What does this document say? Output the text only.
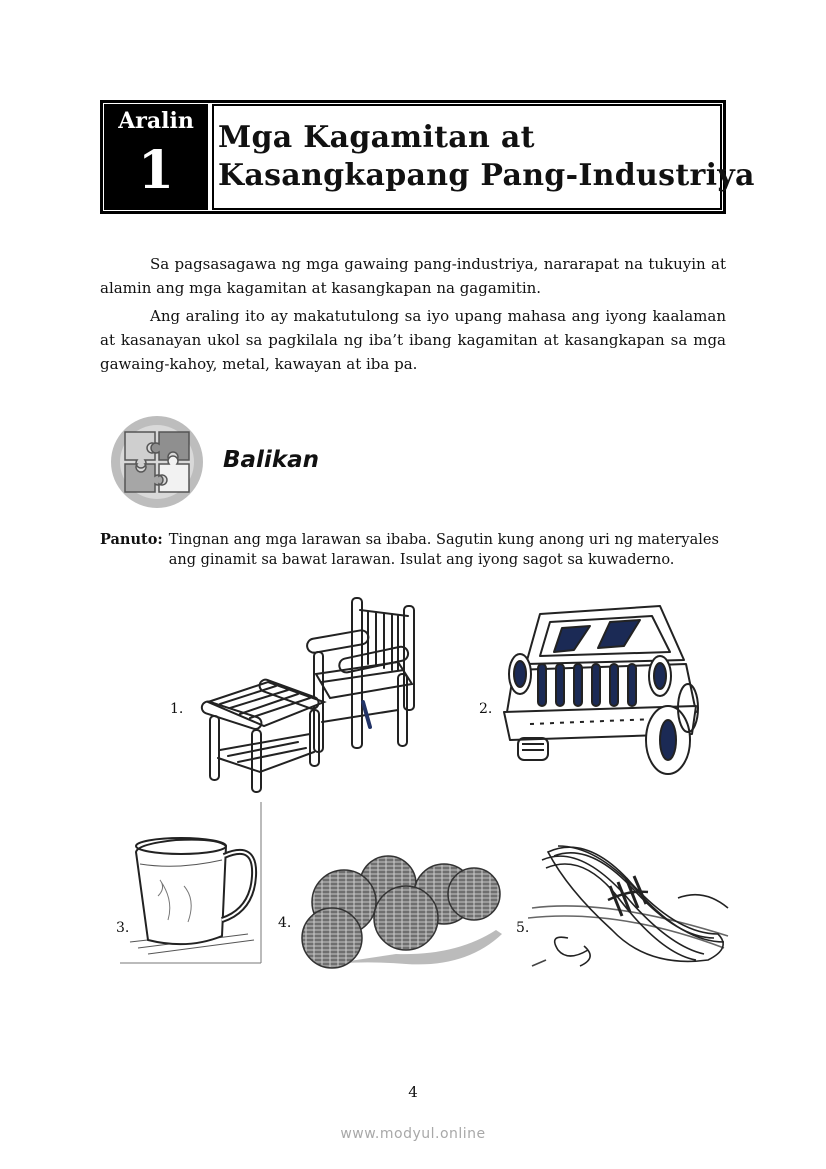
Aralin
1
Mga Kagamitan at
Kasangkapang Pang-Industriya

Sa pagsasagawa ng mga gawaing pang-industriya, nararapat na tukuyin at alamin ang mga kagamitan at kasangkapan na gagamitin.

Ang araling ito ay makatutulong sa iyo upang mahasa ang iyong kaalaman at kasanayan ukol sa pagkilala ng iba’t ibang kagamitan at kasangkapan sa mga gawaing-kahoy, metal, kawayan at iba pa.

Balikan
Panuto:	Tingnan ang mga larawan sa ibaba. Sagutin kung anong uri ng materyales ang ginamit sa bawat larawan. Isulat ang iyong sagot sa kuwaderno.
1.	2.
3.	4.	5.
4
www.modyul.online
